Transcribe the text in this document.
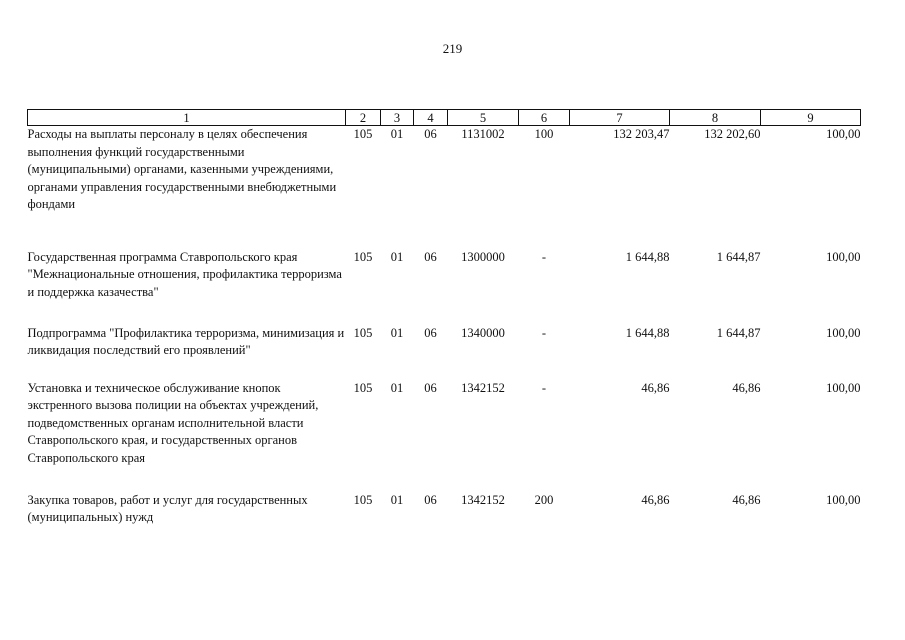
219
1	2	3	4	5	6	7	8	9
Расходы на выплаты персоналу в целях обеспечения выполнения функций государственными (муниципальными) органами, казенными учреждениями, органами управления государственными внебюджетными фондами	105	01	06	1131002	100	132 203,47	132 202,60	100,00
Государственная программа Ставропольского края "Межнациональные отношения, профилактика терроризма и поддержка казачества"	105	01	06	1300000	-	1 644,88	1 644,87	100,00
Подпрограмма "Профилактика терроризма, минимизация и ликвидация последствий его проявлений"	105	01	06	1340000	-	1 644,88	1 644,87	100,00
Установка и техническое обслуживание кнопок экстренного вызова полиции на объектах учреждений, подведомственных органам исполнительной власти Ставропольского края, и государственных органов Ставропольского края	105	01	06	1342152	-	46,86	46,86	100,00
Закупка товаров, работ и услуг для государственных (муниципальных) нужд	105	01	06	1342152	200	46,86	46,86	100,00
